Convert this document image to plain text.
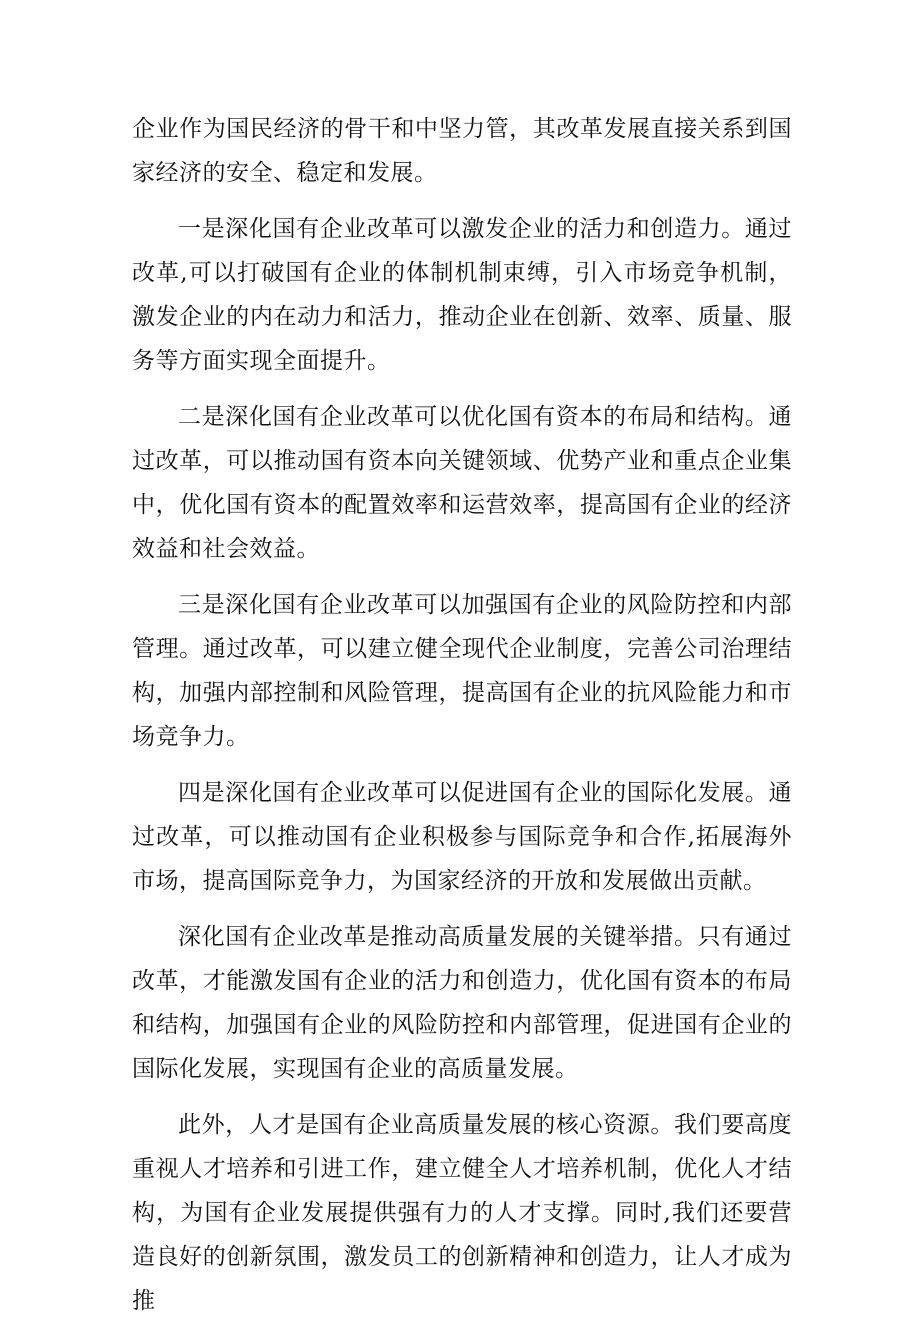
企业作为国民经济的骨干和中坚力管，其改革发展直接关系到国家经济的安全、稳定和发展。

一是深化国有企业改革可以激发企业的活力和创造力。通过改革,可以打破国有企业的体制机制束缚，引入市场竞争机制，激发企业的内在动力和活力，推动企业在创新、效率、质量、服务等方面实现全面提升。

二是深化国有企业改革可以优化国有资本的布局和结构。通过改革，可以推动国有资本向关键领域、优势产业和重点企业集中，优化国有资本的配置效率和运营效率，提高国有企业的经济效益和社会效益。

三是深化国有企业改革可以加强国有企业的风险防控和内部管理。通过改革，可以建立健全现代企业制度，完善公司治理结构，加强内部控制和风险管理，提高国有企业的抗风险能力和市场竞争力。

四是深化国有企业改革可以促进国有企业的国际化发展。通过改革，可以推动国有企业积极参与国际竞争和合作,拓展海外市场，提高国际竞争力，为国家经济的开放和发展做出贡献。

深化国有企业改革是推动高质量发展的关键举措。只有通过改革，才能激发国有企业的活力和创造力，优化国有资本的布局和结构，加强国有企业的风险防控和内部管理，促进国有企业的国际化发展，实现国有企业的高质量发展。

此外，人才是国有企业高质量发展的核心资源。我们要高度重视人才培养和引进工作，建立健全人才培养机制，优化人才结构，为国有企业发展提供强有力的人才支撑。同时,我们还要营造良好的创新氛围，激发员工的创新精神和创造力，让人才成为推
